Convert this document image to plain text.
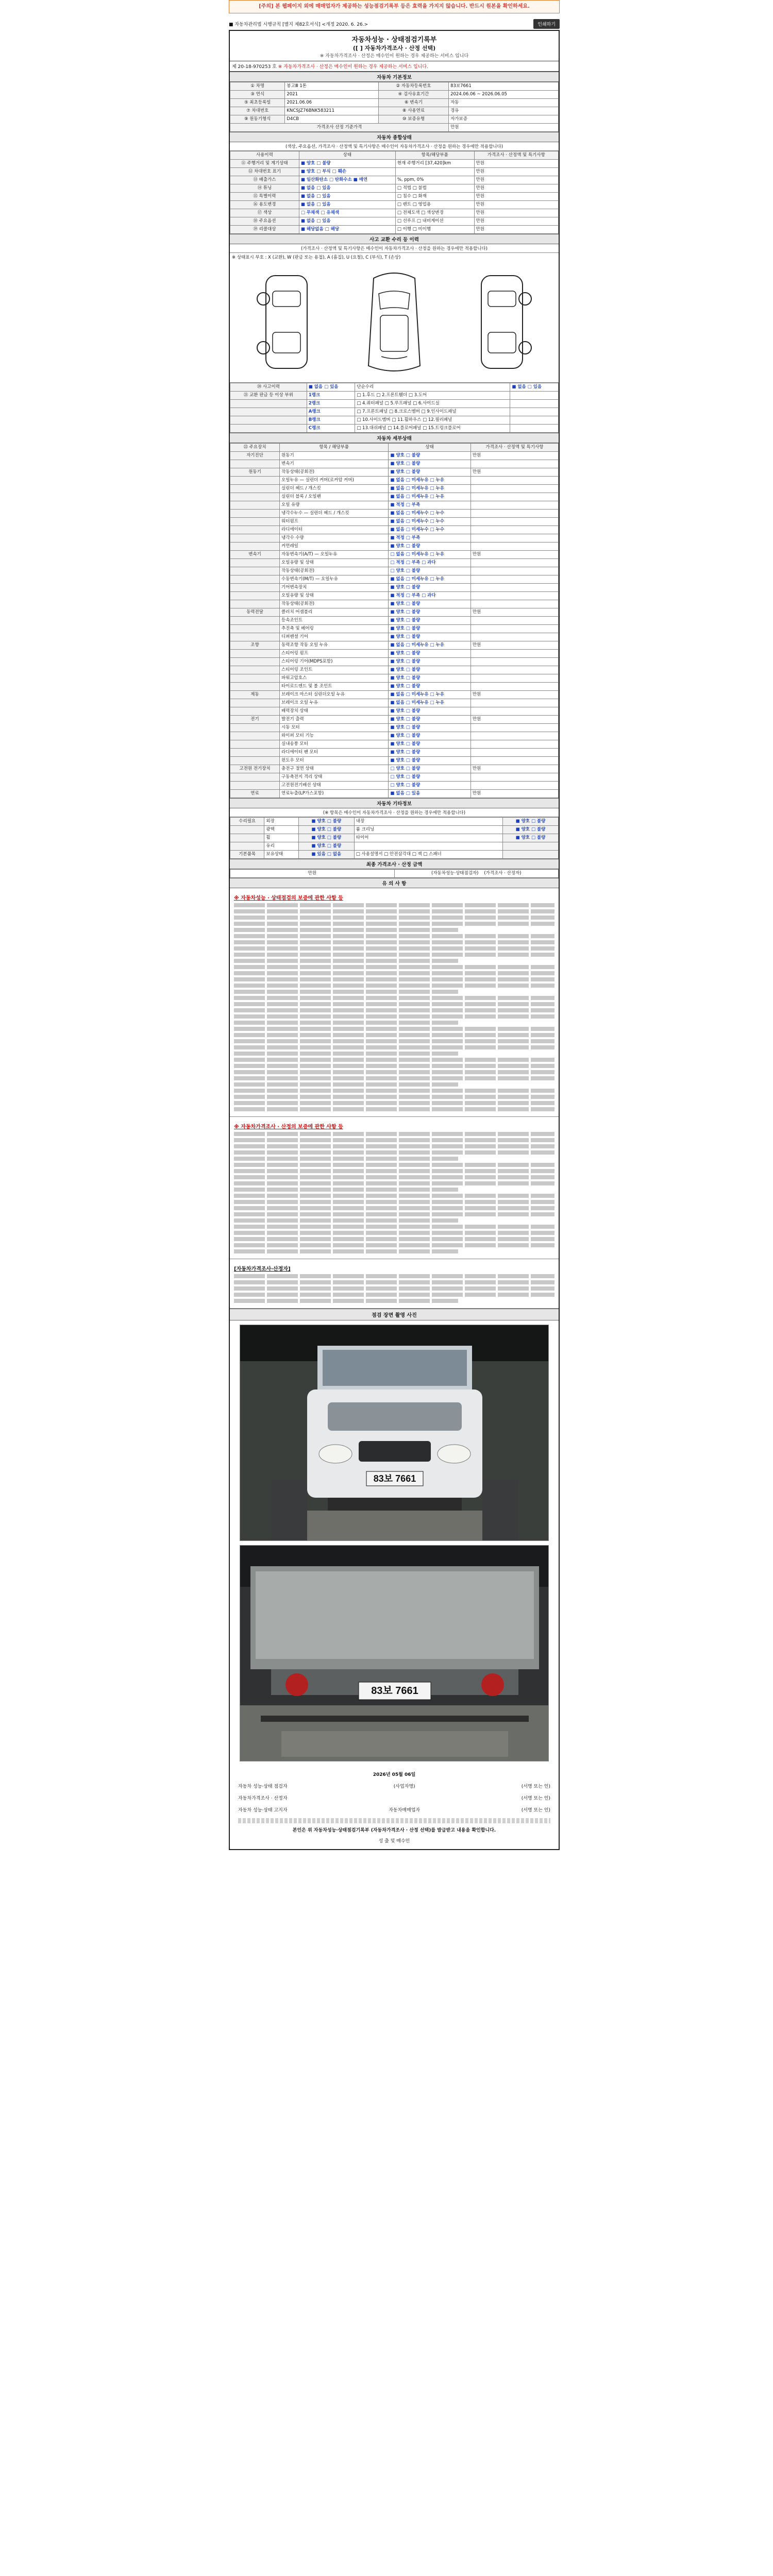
[주의] 본 웹페이지 외에 매매업자가 제공하는 성능점검기록부 등은 효력을 가지지 않습니다. 반드시 원본을 확인하세요.
■ 자동차관리법 시행규칙 [별지 제82호서식] <개정 2020. 6. 26.>	인쇄하기
자동차성능 · 상태점검기록부
([ ] 자동차가격조사 · 산정 선택)
※ 자동차가격조사 · 산정은 매수인이 원하는 경우 제공하는 서비스 입니다
제 20-18-970253 호 ※ 자동차가격조사 · 산정은 매수인이 원하는 경우 제공하는 서비스 입니다.
자동차 기본정보
① 차명	봉고Ⅲ 1톤	② 자동차등록번호	83보7661
③ 연식	2021	④ 검사유효기간	2024.06.06 ~ 2026.06.05
⑤ 최초등록일	2021.06.06	⑥ 변속기	자동
⑦ 차대번호	KNCSJZ76BNK583211	⑧ 사용연료	경유
⑨ 원동기형식	D4CB	⑩ 보증유형	자가보증
가격조사 산정 기준가격			만원
자동차 종합상태
(색상, 주요옵션, 가격조사 · 산정액 및 특기사항은 매수인이 자동차가격조사 · 산정을 원하는 경우에만 적용합니다)
사용이력	상태	항목/해당부품	가격조사 · 산정액 및 특기사항
⑪ 주행거리 및 계기상태	■ 양호 □ 불량	현재 주행거리 [37,420]km	만원
⑫ 차대번호 표기	■ 양호 □ 부식 □ 훼손		만원
⑬ 배출가스	■ 일산화탄소 □ 탄화수소 ■ 매연	%, ppm, 0%	만원
⑭ 튜닝	■ 없음 □ 있음	□ 적법 □ 불법	만원
⑮ 특별이력	■ 없음 □ 있음	□ 침수 □ 화재	만원
⑯ 용도변경	■ 없음 □ 있음	□ 렌트 □ 영업용	만원
⑰ 색상	□ 무채색 □ 유채색	□ 전체도색 □ 색상변경	만원
⑱ 주요옵션	■ 없음 □ 있음	□ 선루프 □ 내비게이션	만원
⑲ 리콜대상	■ 해당없음 □ 해당	□ 이행 □ 미이행	만원
사고 교환 수리 등 이력
(가격조사 · 산정액 및 특기사항은 매수인이 자동차가격조사 · 산정을 원하는 경우에만 적용합니다)
※ 상태표시 부호 : X (교환), W (판금 또는 용접), A (흠집), U (요철), C (부식), T (손상)
⑳ 사고이력	■ 없음 □ 있음	단순수리	■ 없음 □ 있음
㉑ 교환 판금 등 이상 부위	1랭크	□ 1.후드 □ 2.프론트휀더 □ 3.도어	
	2랭크	□ 4.쿼터패널 □ 5.루프패널 □ 6.사이드실	
	A랭크	□ 7.프론트패널 □ 8.크로스멤버 □ 9.인사이드패널	
	B랭크	□ 10.사이드멤버 □ 11.휠하우스 □ 12.필러패널	
	C랭크	□ 13.대쉬패널 □ 14.플로어패널 □ 15.트렁크플로어	
자동차 세부상태
㉒ 주요장치	항목 / 해당부품	상태	가격조사 · 산정액 및 특기사항
자기진단	원동기	■ 양호 □ 불량	만원
	변속기	■ 양호 □ 불량	
원동기	작동상태(공회전)	■ 양호 □ 불량	만원
	오일누유 — 실린더 커버(로커암 커버)	■ 없음 □ 미세누유 □ 누유	
	실린더 헤드 / 개스킷	■ 없음 □ 미세누유 □ 누유	
	실린더 블록 / 오일팬	■ 없음 □ 미세누유 □ 누유	
	오일 유량	■ 적정 □ 부족	
	냉각수누수 — 실린더 헤드 / 개스킷	■ 없음 □ 미세누수 □ 누수	
	워터펌프	■ 없음 □ 미세누수 □ 누수	
	라디에이터	■ 없음 □ 미세누수 □ 누수	
	냉각수 수량	■ 적정 □ 부족	
	커먼레일	■ 양호 □ 불량	
변속기	자동변속기(A/T) — 오일누유	□ 없음 □ 미세누유 □ 누유	만원
	오일유량 및 상태	□ 적정 □ 부족 □ 과다	
	작동상태(공회전)	□ 양호 □ 불량	
	수동변속기(M/T) — 오일누유	■ 없음 □ 미세누유 □ 누유	
	기어변속장치	■ 양호 □ 불량	
	오일유량 및 상태	■ 적정 □ 부족 □ 과다	
	작동상태(공회전)	■ 양호 □ 불량	
동력전달	클러치 어셈블리	■ 양호 □ 불량	만원
	등속조인트	■ 양호 □ 불량	
	추진축 및 베어링	■ 양호 □ 불량	
	디퍼렌셜 기어	■ 양호 □ 불량	
조향	동력조향 작동 오일 누유	■ 없음 □ 미세누유 □ 누유	만원
	스티어링 펌프	■ 양호 □ 불량	
	스티어링 기어(MDPS포함)	■ 양호 □ 불량	
	스티어링 조인트	■ 양호 □ 불량	
	파워고압호스	■ 양호 □ 불량	
	타이로드엔드 및 볼 조인트	■ 양호 □ 불량	
제동	브레이크 마스터 실린더오일 누유	■ 없음 □ 미세누유 □ 누유	만원
	브레이크 오일 누유	■ 없음 □ 미세누유 □ 누유	
	배력장치 상태	■ 양호 □ 불량	
전기	발전기 출력	■ 양호 □ 불량	만원
	시동 모터	■ 양호 □ 불량	
	와이퍼 모터 기능	■ 양호 □ 불량	
	실내송풍 모터	■ 양호 □ 불량	
	라디에이터 팬 모터	■ 양호 □ 불량	
	윈도우 모터	■ 양호 □ 불량	
고전원 전기장치	충전구 절연 상태	□ 양호 □ 불량	만원
	구동축전지 격리 상태	□ 양호 □ 불량	
	고전원전기배선 상태	□ 양호 □ 불량	
연료	연료누출(LP가스포함)	■ 없음 □ 있음	만원
자동차 기타정보
(※ 항목은 매수인이 자동차가격조사 · 산정을 원하는 경우에만 적용합니다)
수리필요	외장	■ 양호 □ 불량	내장	■ 양호 □ 불량
	광택	■ 양호 □ 불량	룸 크리닝	■ 양호 □ 불량
	휠	■ 양호 □ 불량	타이어	■ 양호 □ 불량
	유리	■ 양호 □ 불량		
기본품목	보유상태	■ 있음 □ 없음	□ 사용설명서 □ 안전삼각대 □ 잭 □ 스패너	
최종 가격조사 · 산정 금액
만원	(자동차성능·상태점검자) (가격조사 · 산정자)
유 의 사 항
※ 자동차성능 · 상태점검의 보증에 관한 사항 등
※ 자동차가격조사 · 산정의 보증에 관한 사항 등
[자동차가격조사·산정자]
점검 장면 촬영 사진
83보 7661
83보 7661
2026년 05월 06일
자동차 성능·상태 점검자	(사업자명)	(서명 또는 인)
자동차가격조사 · 산정자	(서명 또는 인)
자동차 성능·상태 고지자	자동차매매업자	(서명 또는 인)
본인은 위 자동차성능·상태점검기록부 (자동차가격조사 · 산정 선택)를 발급받고 내용을 확인합니다.
성 출 및 매수인
